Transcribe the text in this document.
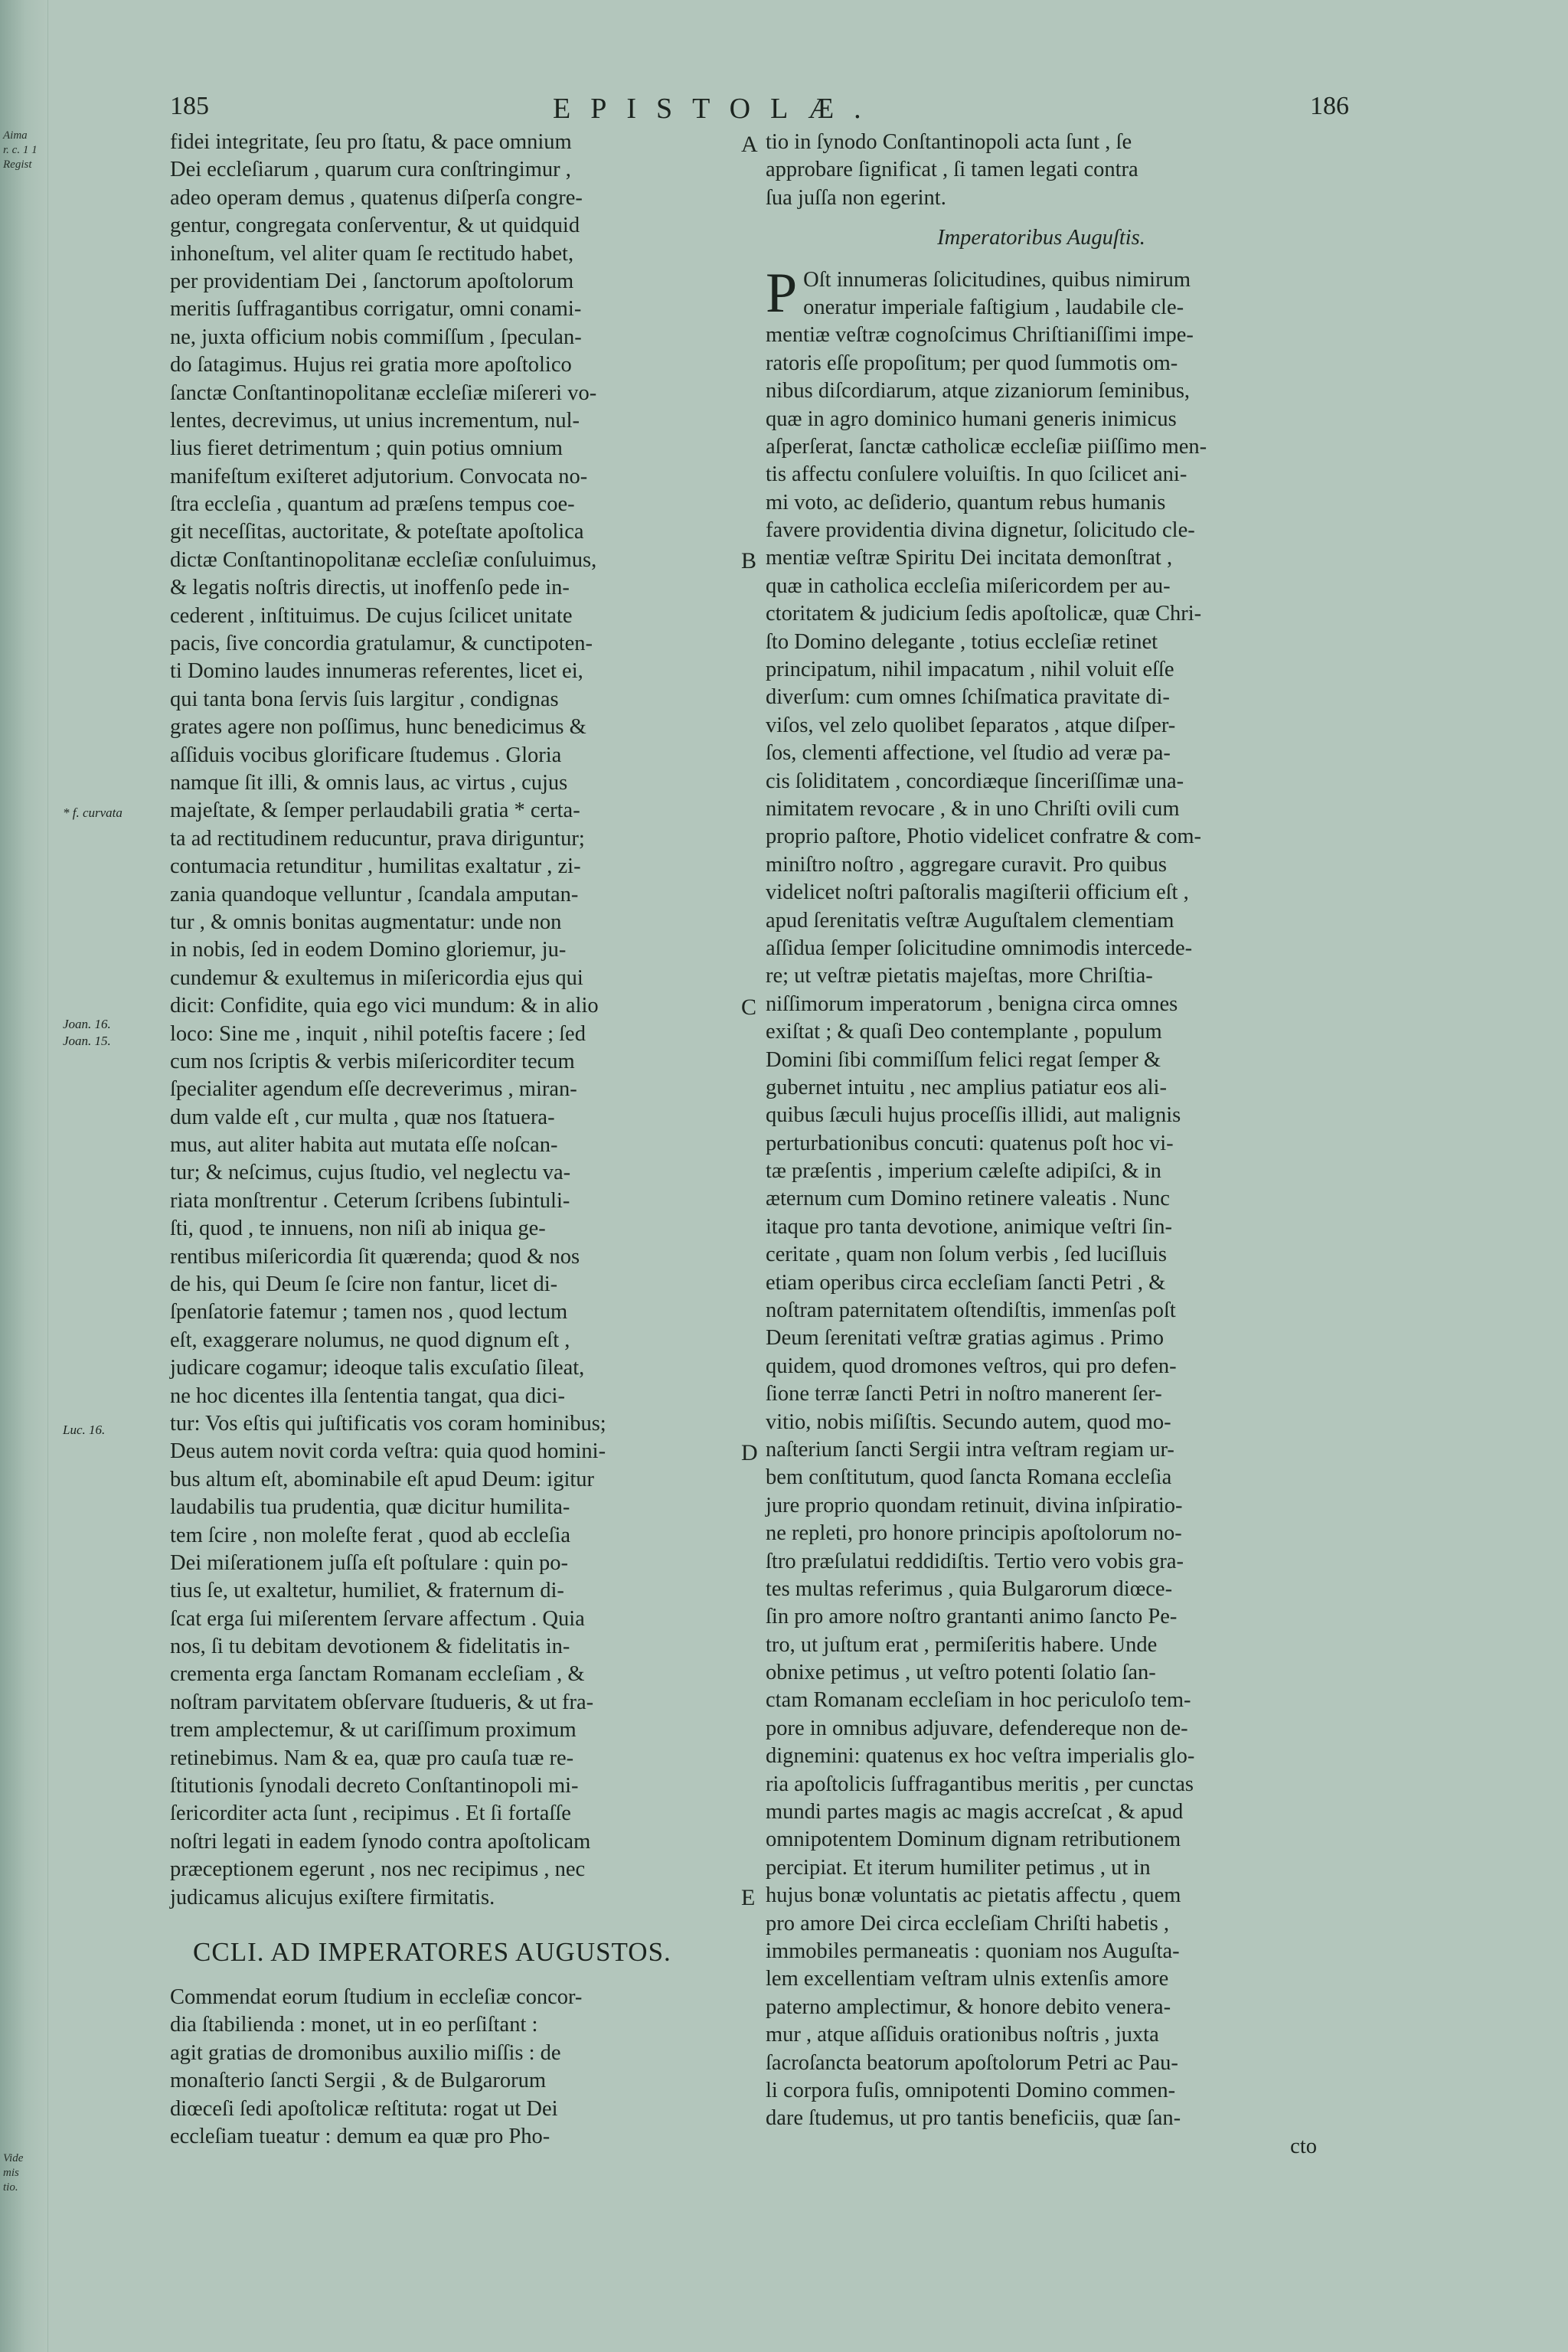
Aima
r. c. 1 1
Regist
Vide
mis
tio.
185	EPISTOLÆ.	186
* f. curvata
Joan. 16.
Joan. 15.
Luc. 16.
A
B
C
D
E
fidei integritate, ſeu pro ſtatu, & pace omnium
Dei eccleſiarum , quarum cura conſtringimur ,
adeo operam demus , quatenus diſperſa congre-
gentur, congregata conſerventur, & ut quidquid
inhoneſtum, vel aliter quam ſe rectitudo habet,
per providentiam Dei , ſanctorum apoſtolorum
meritis ſuffragantibus corrigatur, omni conami-
ne, juxta officium nobis commiſſum , ſpeculan-
do ſatagimus. Hujus rei gratia more apoſtolico
ſanctæ Conſtantinopolitanæ eccleſiæ miſereri vo-
lentes, decrevimus, ut unius incrementum, nul-
lius fieret detrimentum ; quin potius omnium
manifeſtum exiſteret adjutorium. Convocata no-
ſtra eccleſia , quantum ad præſens tempus coe-
git neceſſitas, auctoritate, & poteſtate apoſtolica
dictæ Conſtantinopolitanæ eccleſiæ conſuluimus,
& legatis noſtris directis, ut inoffenſo pede in-
cederent , inſtituimus. De cujus ſcilicet unitate
pacis, ſive concordia gratulamur, & cunctipoten-
ti Domino laudes innumeras referentes, licet ei,
qui tanta bona ſervis ſuis largitur , condignas
grates agere non poſſimus, hunc benedicimus &
aſſiduis vocibus glorificare ſtudemus . Gloria
namque ſit illi, & omnis laus, ac virtus , cujus
majeſtate, & ſemper perlaudabili gratia * certa-
ta ad rectitudinem reducuntur, prava diriguntur;
contumacia retunditur , humilitas exaltatur , zi-
zania quandoque velluntur , ſcandala amputan-
tur , & omnis bonitas augmentatur: unde non
in nobis, ſed in eodem Domino gloriemur, ju-
cundemur & exultemus in miſericordia ejus qui
dicit: Confidite, quia ego vici mundum: & in alio
loco: Sine me , inquit , nihil poteſtis facere ; ſed
cum nos ſcriptis & verbis miſericorditer tecum
ſpecialiter agendum eſſe decreverimus , miran-
dum valde eſt , cur multa , quæ nos ſtatuera-
mus, aut aliter habita aut mutata eſſe noſcan-
tur; & neſcimus, cujus ſtudio, vel neglectu va-
riata monſtrentur . Ceterum ſcribens ſubintuli-
ſti, quod , te innuens, non niſi ab iniqua ge-
rentibus miſericordia ſit quærenda; quod & nos
de his, qui Deum ſe ſcire non fantur, licet di-
ſpenſatorie fatemur ; tamen nos , quod lectum
eſt, exaggerare nolumus, ne quod dignum eſt ,
judicare cogamur; ideoque talis excuſatio ſileat,
ne hoc dicentes illa ſententia tangat, qua dici-
tur: Vos eſtis qui juſtificatis vos coram hominibus;
Deus autem novit corda veſtra: quia quod homini-
bus altum eſt, abominabile eſt apud Deum: igitur
laudabilis tua prudentia, quæ dicitur humilita-
tem ſcire , non moleſte ferat , quod ab eccleſia
Dei miſerationem juſſa eſt poſtulare : quin po-
tius ſe, ut exaltetur, humiliet, & fraternum di-
ſcat erga ſui miſerentem ſervare affectum . Quia
nos, ſi tu debitam devotionem & fidelitatis in-
crementa erga ſanctam Romanam eccleſiam , &
noſtram parvitatem obſervare ſtudueris, & ut fra-
trem amplectemur, & ut cariſſimum proximum
retinebimus. Nam & ea, quæ pro cauſa tuæ re-
ſtitutionis ſynodali decreto Conſtantinopoli mi-
ſericorditer acta ſunt , recipimus . Et ſi fortaſſe
noſtri legati in eadem ſynodo contra apoſtolicam
præceptionem egerunt , nos nec recipimus , nec
judicamus alicujus exiſtere firmitatis.
CCLI. AD IMPERATORES AUGUSTOS.
Commendat eorum ſtudium in eccleſiæ concor-
dia ſtabilienda : monet, ut in eo perſiſtant :
agit gratias de dromonibus auxilio miſſis : de
monaſterio ſancti Sergii , & de Bulgarorum
diœceſi ſedi apoſtolicæ reſtituta: rogat ut Dei
eccleſiam tueatur : demum ea quæ pro Pho-
tio in ſynodo Conſtantinopoli acta ſunt , ſe
approbare ſignificat , ſi tamen legati contra
ſua juſſa non egerint.
Imperatoribus Auguſtis.
P Oſt innumeras ſolicitudines, quibus nimirum
oneratur imperiale faſtigium , laudabile cle-
mentiæ veſtræ cognoſcimus Chriſtianiſſimi impe-
ratoris eſſe propoſitum; per quod ſummotis om-
nibus diſcordiarum, atque zizaniorum ſeminibus,
quæ in agro dominico humani generis inimicus
aſperſerat, ſanctæ catholicæ eccleſiæ piiſſimo men-
tis affectu conſulere voluiſtis. In quo ſcilicet ani-
mi voto, ac deſiderio, quantum rebus humanis
favere providentia divina dignetur, ſolicitudo cle-
mentiæ veſtræ Spiritu Dei incitata demonſtrat ,
quæ in catholica eccleſia miſericordem per au-
ctoritatem & judicium ſedis apoſtolicæ, quæ Chri-
ſto Domino delegante , totius eccleſiæ retinet
principatum, nihil impacatum , nihil voluit eſſe
diverſum: cum omnes ſchiſmatica pravitate di-
viſos, vel zelo quolibet ſeparatos , atque diſper-
ſos, clementi affectione, vel ſtudio ad veræ pa-
cis ſoliditatem , concordiæque ſinceriſſimæ una-
nimitatem revocare , & in uno Chriſti ovili cum
proprio paſtore, Photio videlicet confratre & com-
miniſtro noſtro , aggregare curavit. Pro quibus
videlicet noſtri paſtoralis magiſterii officium eſt ,
apud ſerenitatis veſtræ Auguſtalem clementiam
aſſidua ſemper ſolicitudine omnimodis intercede-
re; ut veſtræ pietatis majeſtas, more Chriſtia-
niſſimorum imperatorum , benigna circa omnes
exiſtat ; & quaſi Deo contemplante , populum
Domini ſibi commiſſum felici regat ſemper &
gubernet intuitu , nec amplius patiatur eos ali-
quibus ſæculi hujus proceſſis illidi, aut malignis
perturbationibus concuti: quatenus poſt hoc vi-
tæ præſentis , imperium cæleſte adipiſci, & in
æternum cum Domino retinere valeatis . Nunc
itaque pro tanta devotione, animique veſtri ſin-
ceritate , quam non ſolum verbis , ſed luciſluis
etiam operibus circa eccleſiam ſancti Petri , &
noſtram paternitatem oſtendiſtis, immenſas poſt
Deum ſerenitati veſtræ gratias agimus . Primo
quidem, quod dromones veſtros, qui pro defen-
ſione terræ ſancti Petri in noſtro manerent ſer-
vitio, nobis miſiſtis. Secundo autem, quod mo-
naſterium ſancti Sergii intra veſtram regiam ur-
bem conſtitutum, quod ſancta Romana eccleſia
jure proprio quondam retinuit, divina inſpiratio-
ne repleti, pro honore principis apoſtolorum no-
ſtro præſulatui reddidiſtis. Tertio vero vobis gra-
tes multas referimus , quia Bulgarorum diœce-
ſin pro amore noſtro grantanti animo ſancto Pe-
tro, ut juſtum erat , permiſeritis habere. Unde
obnixe petimus , ut veſtro potenti ſolatio ſan-
ctam Romanam eccleſiam in hoc periculoſo tem-
pore in omnibus adjuvare, defendereque non de-
dignemini: quatenus ex hoc veſtra imperialis glo-
ria apoſtolicis ſuffragantibus meritis , per cunctas
mundi partes magis ac magis accreſcat , & apud
omnipotentem Dominum dignam retributionem
percipiat. Et iterum humiliter petimus , ut in
hujus bonæ voluntatis ac pietatis affectu , quem
pro amore Dei circa eccleſiam Chriſti habetis ,
immobiles permaneatis : quoniam nos Auguſta-
lem excellentiam veſtram ulnis extenſis amore
paterno amplectimur, & honore debito venera-
mur , atque aſſiduis orationibus noſtris , juxta
ſacroſancta beatorum apoſtolorum Petri ac Pau-
li corpora fuſis, omnipotenti Domino commen-
dare ſtudemus, ut pro tantis beneficiis, quæ ſan-
cto
